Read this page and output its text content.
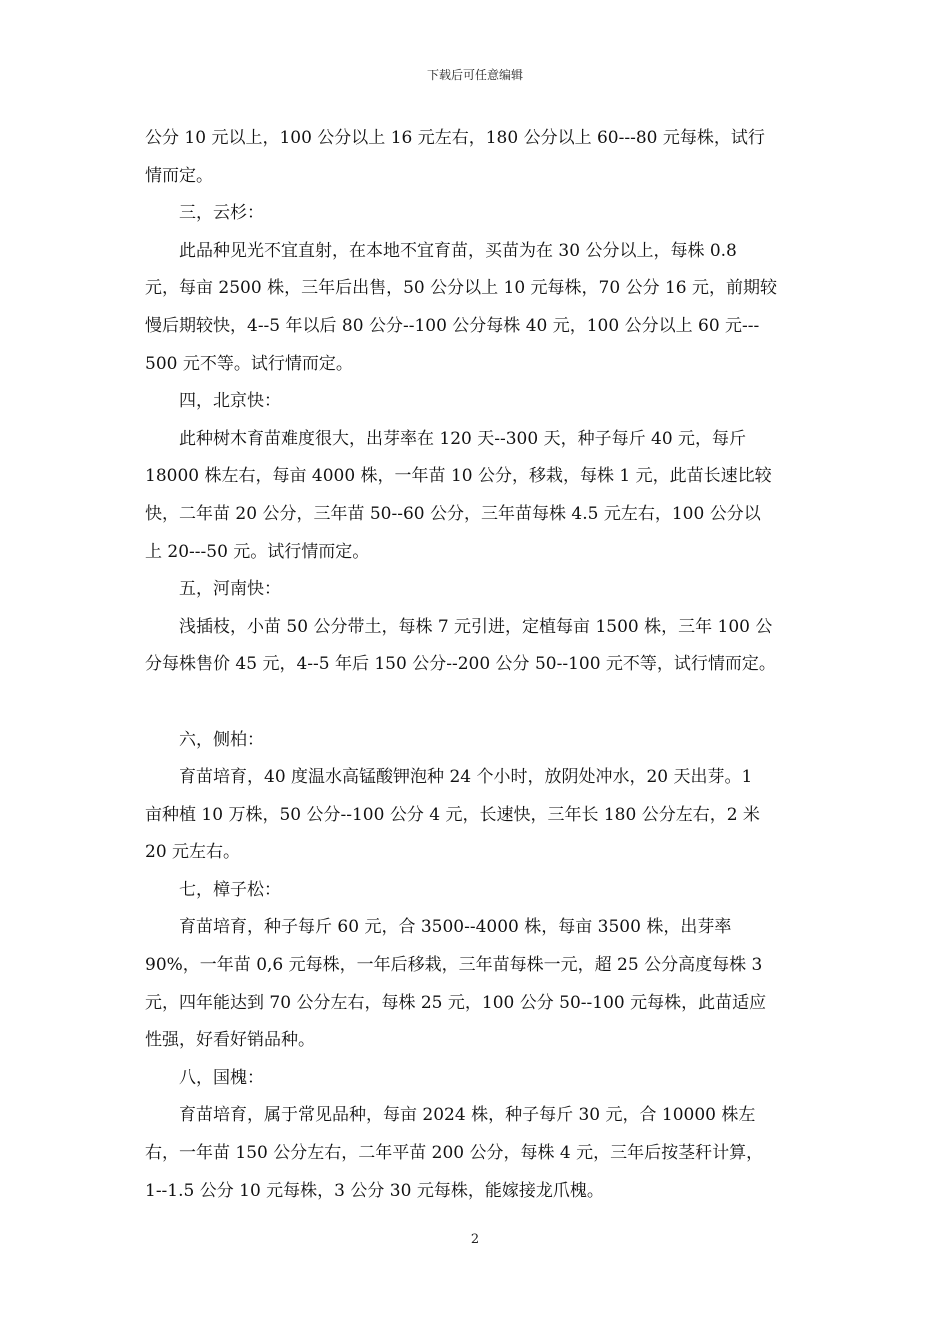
下载后可任意编辑

公分 10 元以上，100 公分以上 16 元左右，180 公分以上 60---80 元每株，试行

情而定。

三，云杉：

此品种见光不宜直射，在本地不宜育苗，买苗为在 30 公分以上，每株 0.8

元，每亩 2500 株，三年后出售，50 公分以上 10 元每株，70 公分 16 元，前期较

慢后期较快，4--5 年以后 80 公分--100 公分每株 40 元，100 公分以上 60 元---

500 元不等。试行情而定。

四，北京快：

此种树木育苗难度很大，出芽率在 120 天--300 天，种子每斤 40 元，每斤

18000 株左右，每亩 4000 株，一年苗 10 公分，移栽，每株 1 元，此苗长速比较

快，二年苗 20 公分，三年苗 50--60 公分，三年苗每株 4.5 元左右，100 公分以

上 20---50 元。试行情而定。

五，河南快：

浅插枝，小苗 50 公分带土，每株 7 元引进，定植每亩 1500 株，三年 100 公

分每株售价 45 元，4--5 年后 150 公分--200 公分 50--100 元不等，试行情而定。

六，侧柏：

育苗培育，40 度温水高锰酸钾泡种 24 个小时，放阴处冲水，20 天出芽。1

亩种植 10 万株，50 公分--100 公分 4 元，长速快，三年长 180 公分左右，2 米

20 元左右。

七，樟子松：

育苗培育，种子每斤 60 元，合 3500--4000 株，每亩 3500 株，出芽率

90%，一年苗 0,6 元每株，一年后移栽，三年苗每株一元，超 25 公分高度每株 3

元，四年能达到 70 公分左右，每株 25 元，100 公分 50--100 元每株，此苗适应

性强，好看好销品种。

八，国槐：

育苗培育，属于常见品种，每亩 2024 株，种子每斤 30 元，合 10000 株左

右，一年苗 150 公分左右，二年平苗 200 公分，每株 4 元，三年后按茎秆计算，

1--1.5 公分 10 元每株，3 公分 30 元每株，能嫁接龙爪槐。

2
